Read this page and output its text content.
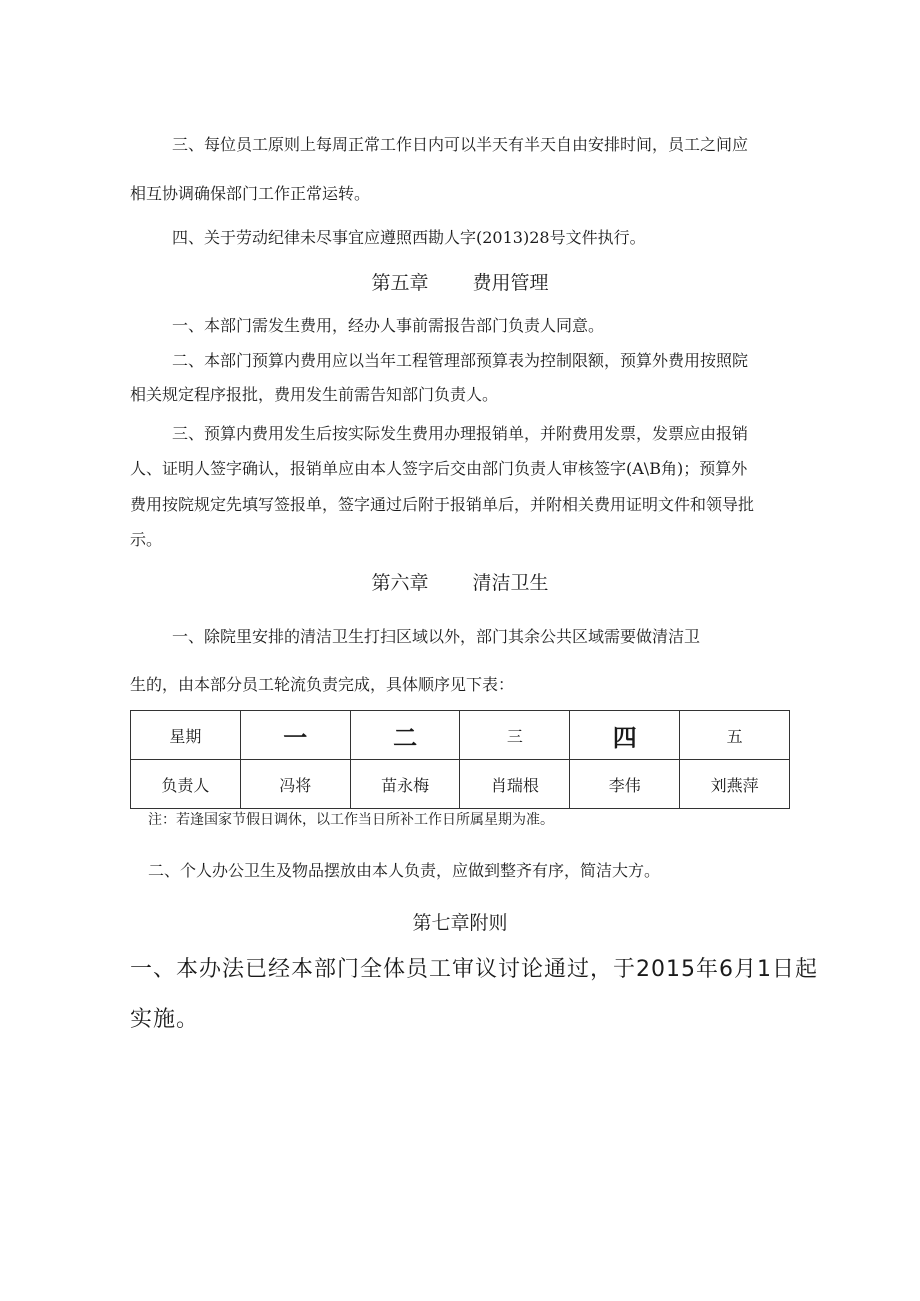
三、每位员工原则上每周正常工作日内可以半天有半天自由安排时间，员工之间应
相互协调确保部门工作正常运转。
四、关于劳动纪律未尽事宜应遵照西勘人字(2013)28号文件执行。
第五章 费用管理
一、本部门需发生费用，经办人事前需报告部门负责人同意。
二、本部门预算内费用应以当年工程管理部预算表为控制限额，预算外费用按照院
相关规定程序报批，费用发生前需告知部门负责人。
三、预算内费用发生后按实际发生费用办理报销单，并附费用发票，发票应由报销
人、证明人签字确认，报销单应由本人签字后交由部门负责人审核签字(A\B角)；预算外
费用按院规定先填写签报单，签字通过后附于报销单后，并附相关费用证明文件和领导批
示。
第六章 清洁卫生
一、除院里安排的清洁卫生打扫区域以外，部门其余公共区域需要做清洁卫
生的，由本部分员工轮流负责完成，具体顺序见下表：
星期	一	二	三	四	五
负责人	冯将	苗永梅	肖瑞根	李伟	刘燕萍
注：若逢国家节假日调休，以工作当日所补工作日所属星期为准。
二、个人办公卫生及物品摆放由本人负责，应做到整齐有序，简洁大方。
第七章附则
一、本办法已经本部门全体员工审议讨论通过，于2015年6月1日起
实施。
